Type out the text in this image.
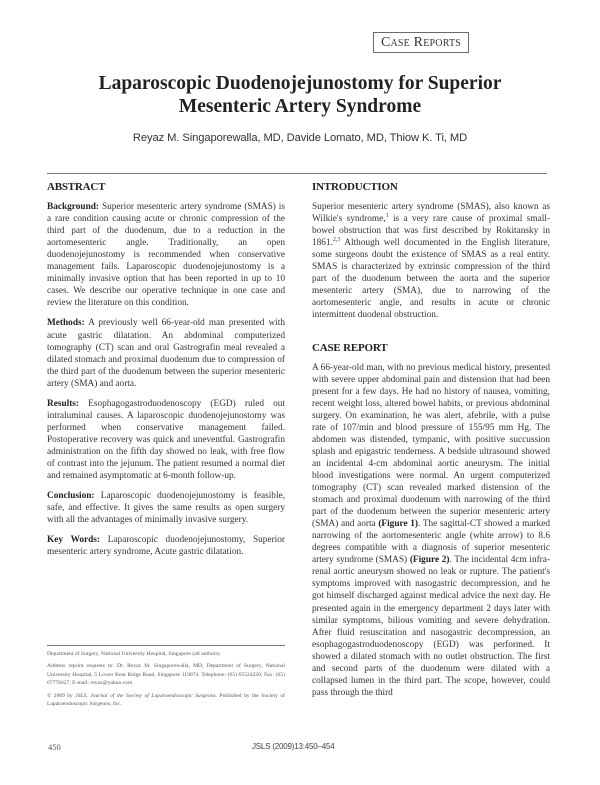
Case Reports
Laparoscopic Duodenojejunostomy for Superior
Mesenteric Artery Syndrome
Reyaz M. Singaporewalla, MD, Davide Lomato, MD, Thiow K. Ti, MD
ABSTRACT

Background: Superior mesenteric artery syndrome (SMAS) is a rare condition causing acute or chronic compression of the third part of the duodenum, due to a reduction in the aortomesenteric angle. Traditionally, an open duodenojejunostomy is recommended when conservative management fails. Laparoscopic duodenojejunostomy is a minimally invasive option that has been reported in up to 10 cases. We describe our operative technique in one case and review the literature on this condition.

Methods: A previously well 66-year-old man presented with acute gastric dilatation. An abdominal computerized tomography (CT) scan and oral Gastrografin meal revealed a dilated stomach and proximal duodenum due to compression of the third part of the duodenum between the superior mesenteric artery (SMA) and aorta.

Results: Esophagogastroduodenoscopy (EGD) ruled out intraluminal causes. A laparoscopic duodenojejunostomy was performed when conservative management failed. Postoperative recovery was quick and uneventful. Gastrografin administration on the fifth day showed no leak, with free flow of contrast into the jejunum. The patient resumed a normal diet and remained asymptomatic at 6-month follow-up.

Conclusion: Laparoscopic duodenojejunostomy is feasible, safe, and effective. It gives the same results as open surgery with all the advantages of minimally invasive surgery.

Key Words: Laparoscopic duodenojejunostomy, Superior mesenteric artery syndrome, Acute gastric dilatation.

Department of Surgery, National University Hospital, Singapore (all authors).

Address reprint requests to: Dr. Reyaz M. Singaporewalla, MD, Department of Surgery, National University Hospital, 5 Lower Kent Ridge Road, Singapore 119074. Telephone: (65) 65524220, Fax: (65) 67778427, E-mail: reyaz@yahoo.com

© 2009 by JSLS, Journal of the Society of Laparoendoscopic Surgeons. Published by the Society of Laparoendoscopic Surgeons, Inc.

INTRODUCTION

Superior mesenteric artery syndrome (SMAS), also known as Wilkie's syndrome,$^1$ is a very rare cause of proximal small-bowel obstruction that was first described by Rokitansky in 1861.$^{2,3}$ Although well documented in the English literature, some surgeons doubt the existence of SMAS as a real entity. SMAS is characterized by extrinsic compression of the third part of the duodenum between the aorta and the superior mesenteric artery (SMA), due to narrowing of the aortomesenteric angle, and results in acute or chronic intermittent duodenal obstruction.

CASE REPORT

A 66-year-old man, with no previous medical history, presented with severe upper abdominal pain and distension that had been present for a few days. He had no history of nausea, vomiting, recent weight loss, altered bowel habits, or previous abdominal surgery. On examination, he was alert, afebrile, with a pulse rate of 107/min and blood pressure of 155/95 mm Hg. The abdomen was distended, tympanic, with positive succussion splash and epigastric tenderness. A bedside ultrasound showed an incidental 4-cm abdominal aortic aneurysm. The initial blood investigations were normal. An urgent computerized tomography (CT) scan revealed marked distension of the stomach and proximal duodenum with narrowing of the third part of the duodenum between the superior mesenteric artery (SMA) and aorta (Figure 1). The sagittal-CT showed a marked narrowing of the aortomesenteric angle (white arrow) to 8.6 degrees compatible with a diagnosis of superior mesenteric artery syndrome (SMAS) (Figure 2). The incidental 4cm infra-renal aortic aneurysm showed no leak or rupture. The patient's symptoms improved with nasogastric decompression, and he got himself discharged against medical advice the next day. He presented again in the emergency department 2 days later with similar symptoms, bilious vomiting and severe dehydration. After fluid resuscitation and nasogastric decompression, an esophagogastroduodenoscopy (EGD) was performed. It showed a dilated stomach with no outlet obstruction. The first and second parts of the duodenum were dilated with a collapsed lumen in the third part. The scope, however, could pass through the third

450	JSLS (2009)13:450–454
